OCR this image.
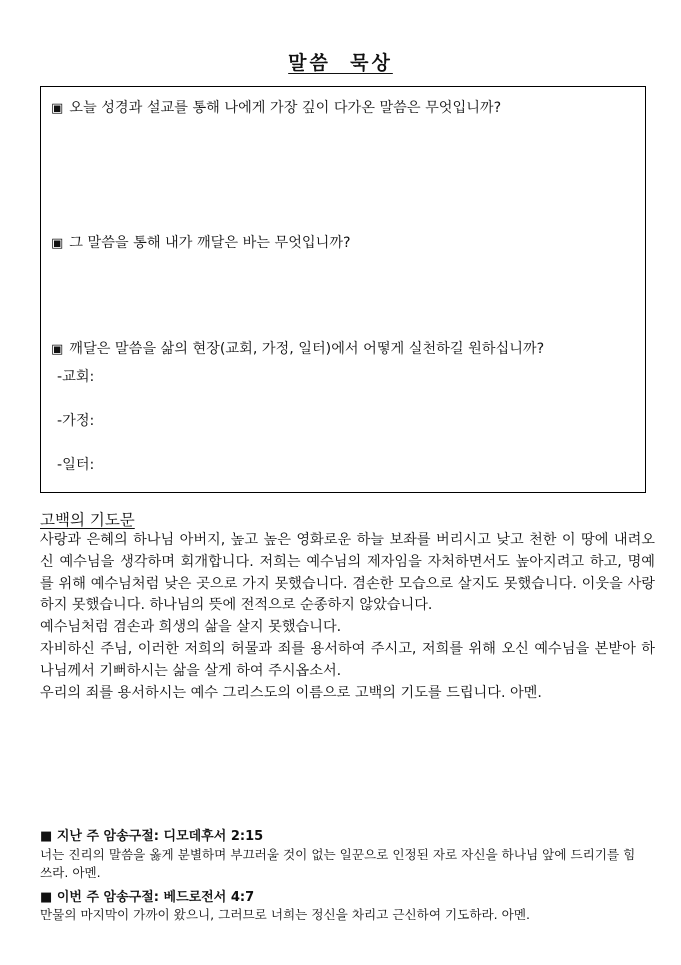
말씀  묵상
▣ 오늘 성경과 설교를 통해 나에게 가장 깊이 다가온 말씀은 무엇입니까?
▣ 그 말씀을 통해 내가 깨달은 바는 무엇입니까?
▣ 깨달은 말씀을 삶의 현장(교회, 가정, 일터)에서 어떻게 실천하길 원하십니까?
-교회:
-가정:
-일터:
고백의 기도문

사랑과 은혜의 하나님 아버지, 높고 높은 영화로운 하늘 보좌를 버리시고 낮고 천한 이 땅에 내려오신 예수님을 생각하며 회개합니다. 저희는 예수님의 제자임을 자처하면서도 높아지려고 하고, 명예를 위해 예수님처럼 낮은 곳으로 가지 못했습니다. 겸손한 모습으로 살지도 못했습니다. 이웃을 사랑하지 못했습니다. 하나님의 뜻에 전적으로 순종하지 않았습니다.

예수님처럼 겸손과 희생의 삶을 살지 못했습니다.

자비하신 주님, 이러한 저희의 허물과 죄를 용서하여 주시고, 저희를 위해 오신 예수님을 본받아 하나님께서 기뻐하시는 삶을 살게 하여 주시옵소서.

우리의 죄를 용서하시는 예수 그리스도의 이름으로 고백의 기도를 드립니다. 아멘.

■ 지난 주 암송구절: 디모데후서 2:15
너는 진리의 말씀을 옳게 분별하며 부끄러울 것이 없는 일꾼으로 인정된 자로 자신을 하나님 앞에 드리기를 힘쓰라. 아멘.
■ 이번 주 암송구절: 베드로전서 4:7
만물의 마지막이 가까이 왔으니, 그러므로 너희는 정신을 차리고 근신하여 기도하라. 아멘.
